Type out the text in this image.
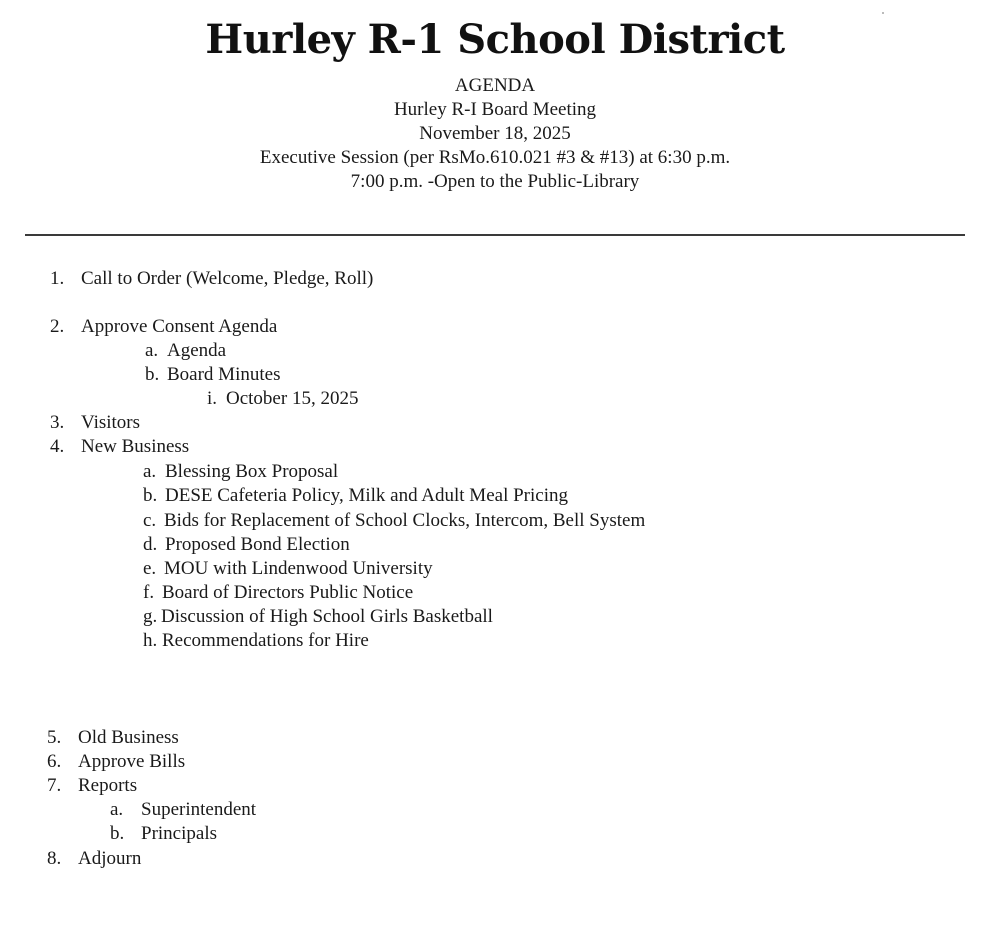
Hurley R-1 School District
AGENDA
Hurley R-I Board Meeting
November 18, 2025
Executive Session (per RsMo.610.021 #3 & #13) at 6:30 p.m.
7:00 p.m. -Open to the Public-Library
1. Call to Order (Welcome, Pledge, Roll)
2. Approve Consent Agenda
a. Agenda
b. Board Minutes
i. October 15, 2025
3. Visitors
4. New Business
a. Blessing Box Proposal
b. DESE Cafeteria Policy, Milk and Adult Meal Pricing
c. Bids for Replacement of School Clocks, Intercom, Bell System
d. Proposed Bond Election
e. MOU with Lindenwood University
f. Board of Directors Public Notice
g. Discussion of High School Girls Basketball
h. Recommendations for Hire
5. Old Business
6. Approve Bills
7. Reports
a. Superintendent
b. Principals
8. Adjourn
